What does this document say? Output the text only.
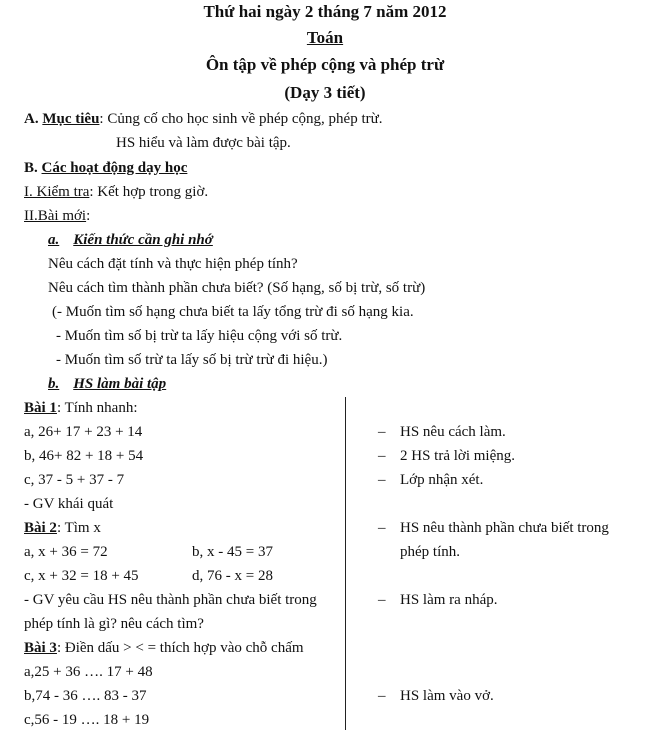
Thứ hai ngày 2 tháng 7 năm 2012
Toán
Ôn tập về phép cộng và phép trừ
(Dạy 3 tiết)
A. Mục tiêu: Củng cố cho học sinh về phép cộng, phép trừ.
HS hiểu và làm được bài tập.
B. Các hoạt động dạy học
I. Kiểm tra: Kết hợp trong giờ.
II.Bài mới:
a. Kiến thức cần ghi nhớ
Nêu cách đặt tính và thực hiện phép tính?
Nêu cách tìm thành phần chưa biết? (Số hạng, số bị trừ, số trừ)
(- Muốn tìm số hạng chưa biết ta lấy tổng trừ đi số hạng kia.
- Muốn tìm số bị trừ ta lấy hiệu cộng với số trừ.
- Muốn tìm số trừ ta lấy số bị trừ trừ đi hiệu.)
b. HS làm bài tập
Bài 1: Tính nhanh:
a, 26+ 17 + 23 + 14
b, 46+ 82 + 18 + 54
c, 37 - 5 + 37 - 7
- GV khái quát
Bài 2: Tìm x
a, x + 36 = 72	b, x - 45 = 37
c, x + 32 = 18 + 45	d, 76 - x = 28
- GV yêu cầu HS nêu thành phần chưa biết trong
phép tính là gì? nêu cách tìm?
Bài 3: Điền dấu > < = thích hợp vào chỗ chấm
a,25 + 36 …. 17 + 48
b,74 - 36 …. 83 - 37
c,56 - 19 …. 18 + 19
– HS nêu cách làm.
– 2 HS trả lời miệng.
– Lớp nhận xét.
– HS nêu thành phần chưa biết trong
phép tính.
– HS làm ra nháp.
– HS làm vào vở.
